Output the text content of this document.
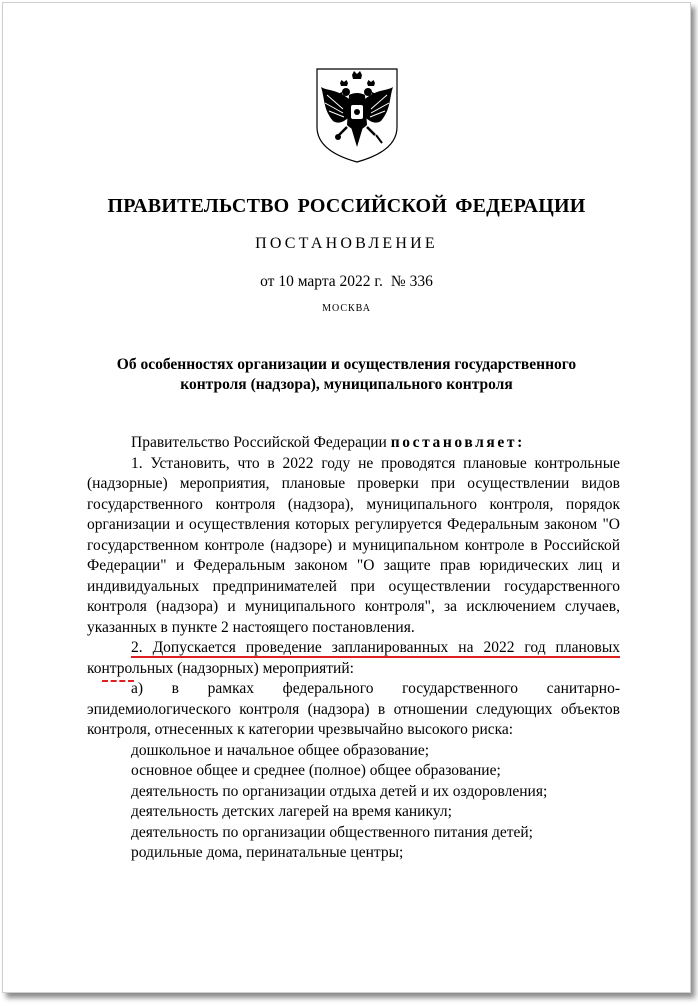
ПРАВИТЕЛЬСТВО РОССИЙСКОЙ ФЕДЕРАЦИИ
ПОСТАНОВЛЕНИЕ
от 10 марта 2022 г. № 336
МОСКВА
Об особенностях организации и осуществления государственного
контроля (надзора), муниципального контроля

Правительство Российской Федерации постановляет:

1. Установить, что в 2022 году не проводятся плановые контрольные (надзорные) мероприятия, плановые проверки при осуществлении видов государственного контроля (надзора), муниципального контроля, порядок организации и осуществления которых регулируется Федеральным законом "О государственном контроле (надзоре) и муниципальном контроле в Российской Федерации" и Федеральным законом "О защите прав юридических лиц и индивидуальных предпринимателей при осуществлении государственного контроля (надзора) и муниципального контроля", за исключением случаев, указанных в пункте 2 настоящего постановления.

2. Допускается проведение запланированных на 2022 год плановых контрольных (надзорных) мероприятий:

а) в рамках федерального государственного санитарно-эпидемиологического контроля (надзора) в отношении следующих объектов контроля, отнесенных к категории чрезвычайно высокого риска:

дошкольное и начальное общее образование;

основное общее и среднее (полное) общее образование;

деятельность по организации отдыха детей и их оздоровления;

деятельность детских лагерей на время каникул;

деятельность по организации общественного питания детей;

родильные дома, перинатальные центры;
